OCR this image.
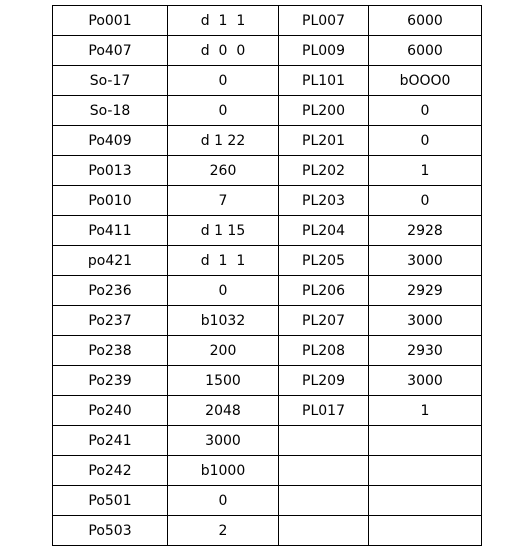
Po001	d  1  1	PL007	6000
Po407	d  0  0	PL009	6000
So-17	0	PL101	bOOO0
So-18	0	PL200	0
Po409	d 1 22	PL201	0
Po013	260	PL202	1
Po010	7	PL203	0
Po411	d 1 15	PL204	2928
po421	d  1  1	PL205	3000
Po236	0	PL206	2929
Po237	b1032	PL207	3000
Po238	200	PL208	2930
Po239	1500	PL209	3000
Po240	2048	PL017	1
Po241	3000		
Po242	b1000		
Po501	0		
Po503	2		
